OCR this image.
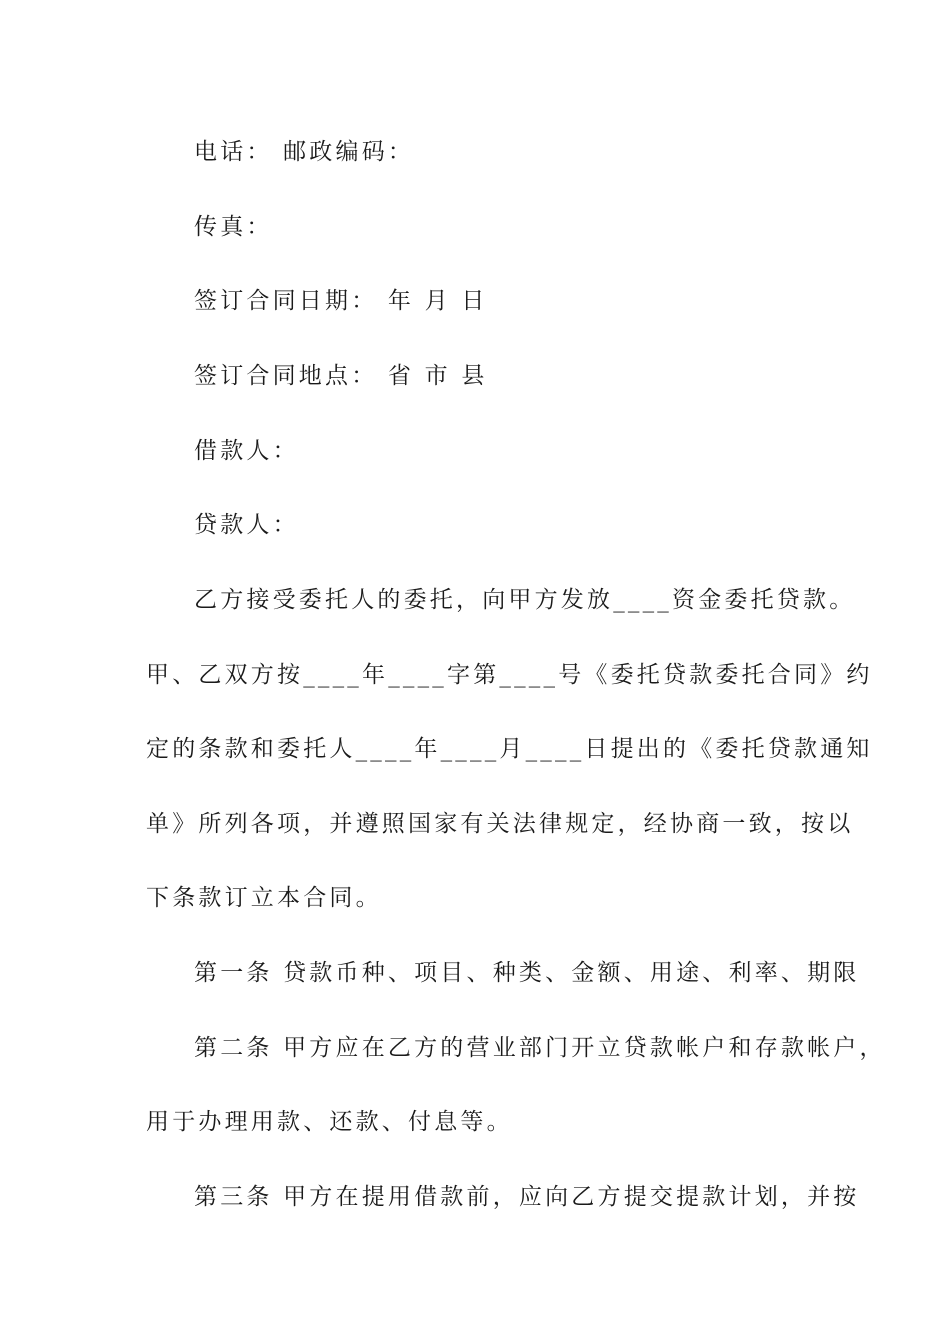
电话： 邮政编码：
传真：
签订合同日期： 年 月 日
签订合同地点： 省 市 县
借款人：
贷款人：
乙方接受委托人的委托，向甲方发放____资金委托贷款。
甲、乙双方按____年____字第____号《委托贷款委托合同》约
定的条款和委托人____年____月____日提出的《委托贷款通知
单》所列各项，并遵照国家有关法律规定，经协商一致，按以
下条款订立本合同。
第一条 贷款币种、项目、种类、金额、用途、利率、期限
第二条 甲方应在乙方的营业部门开立贷款帐户和存款帐户，
用于办理用款、还款、付息等。
第三条 甲方在提用借款前，应向乙方提交提款计划，并按
